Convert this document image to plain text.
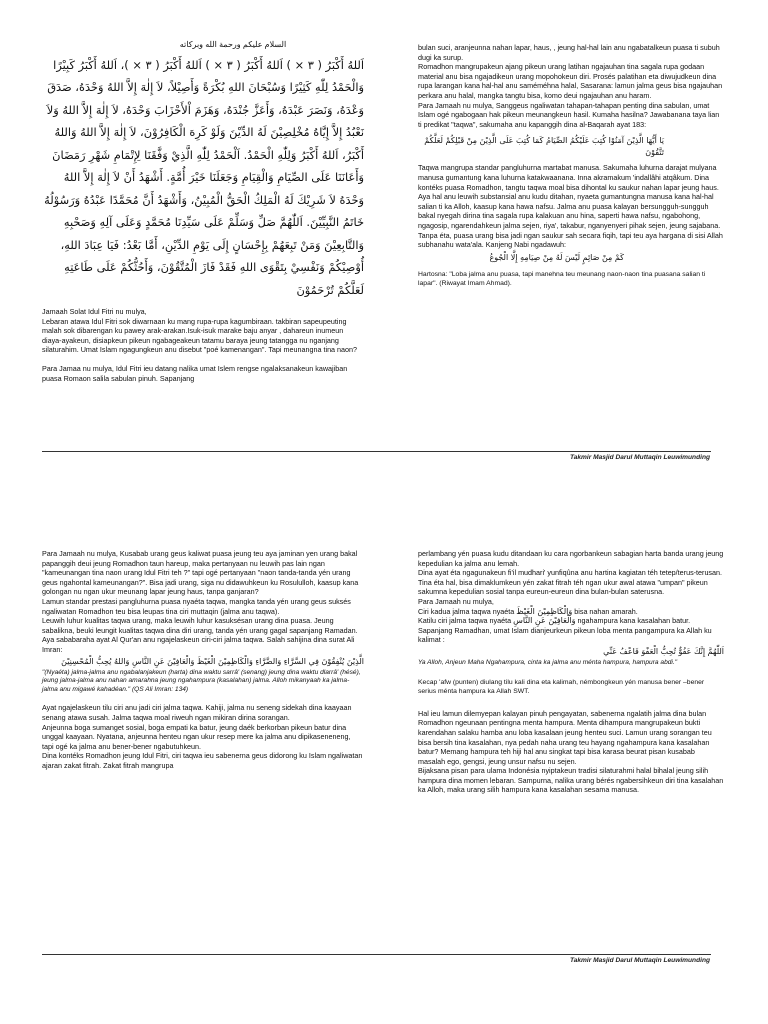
السلام عليكم ورحمة الله وبركاته

اَللهُ أَكْبَرُ ( ٣ × ) اَللهُ أَكْبَرُ ( ٣ × ) اَللهُ أَكْبَرُ ( ٣ × )، اَللهُ أَكْبَرُ كَبِيْرًا وَالْحَمْدُ لِلّٰهِ كَثِيْرًا وَسُبْحَانَ اللهِ بُكْرَةً وَأَصِيْلاً، لاَ إِلٰهَ إِلاَّ اللهُ وَحْدَهُ، صَدَقَ وَعْدَهُ، وَنَصَرَ عَبْدَهُ، وَأَعَزَّ جُنْدَهُ، وَهَزَمَ اْلأَحْزَابَ وَحْدَهُ، لاَ إِلٰهَ إِلاَّ اللهُ وَلاَ نَعْبُدُ إِلاَّ إِيَّاهُ مُخْلِصِيْنَ لَهُ الدِّيْنَ وَلَوْ كَرِهَ الْكَافِرُوْنَ، لاَ إِلٰهَ إِلاَّ اللهُ وَاللهُ أَكْبَرُ، اَللهُ أَكْبَرُ وَلِلّٰهِ الْحَمْدُ. اَلْحَمْدُ لِلّٰهِ الَّذِيْ وَفَّقَنَا لِإِتْمَامِ شَهْرِ رَمَضَانَ وَأَعَانَنَا عَلَى الصِّيَامِ وَالْقِيَامِ وَجَعَلَنَا خَيْرَ أُمَّةٍ. أَشْهَدُ أَنْ لاَ إِلٰهَ إِلاَّ اللهُ وَحْدَهُ لاَ شَرِيْكَ لَهُ الْمَلِكُ الْحَقُّ الْمُبِيْنُ، وَأَشْهَدُ أَنَّ مُحَمَّدًا عَبْدُهُ وَرَسُوْلُهُ خَاتَمُ النَّبِيِّيْنَ. اَللّٰهُمَّ صَلِّ وَسَلِّمْ عَلَى سَيِّدِنَا مُحَمَّدٍ وَعَلَى آلِهِ وَصَحْبِهِ وَالتَّابِعِيْنَ وَمَنْ تَبِعَهُمْ بِإِحْسَانٍ إِلَى يَوْمِ الدِّيْنِ، أَمَّا بَعْدُ: فَيَا عِبَادَ اللهِ، أُوْصِيْكُمْ وَنَفْسِيْ بِتَقْوَى اللهِ فَقَدْ فَازَ الْمُتَّقُوْنَ، وَأَحُثُّكُمْ عَلَى طَاعَتِهِ لَعَلَّكُمْ تُرْحَمُوْنَ

Jamaah Solat Idul Fitri nu mulya,

Lebaran atawa Idul Fitri sok diwarnaan ku mang rupa-rupa kagumbiraan. takbiran sapeupeuting malah sok dibarengan ku pawey arak-arakan.Isuk-isuk marake baju anyar , dahareun inumeun diaya-ayakeun, disiapkeun pikeun ngabageakeun tatamu baraya jeung tatangga nu nganjang silaturahim. Umat Islam ngagungkeun anu disebut "poé kamenangan". Tapi meunangna tina naon?

Para Jamaa nu mulya, Idul Fitri ieu datang nalika umat Islem rengse ngalaksanakeun kawajiban puasa Romaon salila sabulan pinuh. Sapanjang

bulan suci, aranjeunna nahan lapar, haus, , jeung hal-hal lain anu ngabatalkeun puasa ti subuh dugi ka surup.

Romadhon mangrupakeun ajang pikeun urang latihan ngajauhan tina sagala rupa godaan material anu bisa ngajadikeun urang mopohokeun diri. Prosés palatihan eta diwujudkeun dina rupa larangan kana hal-hal anu saméméhna halal, Sasarana: lamun jalma geus bisa ngajauhan perkara anu halal, mangka tangtu bisa, komo deui ngajauhan anu haram.

Para Jamaah nu mulya, Sanggeus ngaliwatan tahapan-tahapan penting dina sabulan, umat Islam ogé ngabogaan hak pikeun meunangkeun hasil. Kumaha hasilna? Jawabanana taya lian ti predikat "taqwa", sakumaha anu kapanggih dina al-Baqarah ayat 183:

يَا أَيُّهَا الَّذِيْنَ آمَنُوْا كُتِبَ عَلَيْكُمُ الصِّيَامُ كَمَا كُتِبَ عَلَى الَّذِيْنَ مِنْ قَبْلِكُمْ لَعَلَّكُمْ تَتَّقُوْنَ

Taqwa mangrupa standar pangluhurna martabat manusa. Sakumaha luhurna darajat mulyana manusa gumantung kana luhurna katakwaanana. Inna akramakum 'indallâhi atqâkum. Dina kontéks puasa Romadhon, tangtu taqwa moal bisa dihontal ku saukur nahan lapar jeung haus. Aya hal anu leuwih substansial anu kudu ditahan, nyaeta gumantungna manusa kana hal-hal salian ti ka Alloh, kaasup kana hawa nafsu. Jalma anu puasa kalayan bersungguh-sungguh bakal nyegah dirina tina sagala rupa kalakuan anu hina, saperti hawa nafsu, ngabohong, ngagosip, ngarendahkeun jalma sejen, riya', takabur, nganyenyeri pihak sejen, jeung sajabana.

Tanpa éta, puasa urang bisa jadi ngan saukur sah secara fiqih, tapi teu aya hargana di sisi Allah subhanahu wata'ala. Kanjeng Nabi ngadawuh:

كَمْ مِنْ صَائِمٍ لَيْسَ لَهُ مِنْ صِيَامِهِ إِلَّا الْجُوعُ

Hartosna: "Loba jalma anu puasa, tapi manehna teu meunang naon-naon tina puasana salian ti lapar". (Riwayat Imam Ahmad).

Takmir Masjid Darul Muttaqin Leuwimunding

Para Jamaah nu mulya, Kusabab urang geus kaliwat puasa jeung teu aya jaminan yen urang bakal papanggih deui jeung Romadhon taun hareup, maka pertanyaan nu leuwih pas lain ngan "kameunangan tina naon urang Idul Fitri teh ?" tapi ogé pertanyaan "naon tanda-tanda yén urang geus ngahontal kameunangan?". Bisa jadi urang, siga nu didawuhkeun ku Rosululloh, kaasup kana golongan nu ngan ukur meunang lapar jeung haus, tanpa ganjaran?

Lamun standar prestasi pangluhurna puasa nyaéta taqwa, mangka tanda yén urang geus suksés ngaliwatan Romadhon teu bisa leupas tina ciri muttaqin (jalma anu taqwa).

Leuwih luhur kualitas taqwa urang, maka leuwih luhur kasuksésan urang dina puasa. Jeung sabalikna, beuki leungit kualitas taqwa dina diri urang, tanda yén urang gagal sapanjang Ramadan.

Aya sababaraha ayat Al Qur'an anu ngajelaskeun ciri-ciri jalma taqwa. Salah sahijina dina surat Ali Imran:

الَّذِيْنَ يُنْفِقُوْنَ فِي السَّرَّاءِ وَالضَّرَّاءِ وَالْكَاظِمِيْنَ الْغَيْظَ وَالْعَافِيْنَ عَنِ النَّاسِ وَاللهُ يُحِبُّ الْمُحْسِنِيْنَ

"(Nyaéta) jalma-jalma anu ngabalanjakeun (harta) dina waktu sarrâ' (senang) jeung dina waktu dlarrâ' (hésé), jeung jalma-jalma anu nahan amarahna jeung ngahampura (kasalahan) jalma. Alloh mikanyaah ka jalma-jalma anu migawé kahadéan." (QS Ali Imran: 134)

Ayat ngajelaskeun tilu ciri anu jadi ciri jalma taqwa. Kahiji, jalma nu seneng sidekah dina kaayaan senang atawa susah. Jalma taqwa moal riweuh ngan mikiran dirina sorangan.

Anjeunna boga sumanget sosial, boga empati ka batur, jeung daék berkorban pikeun batur dina unggal kaayaan. Nyatana, anjeunna henteu ngan ukur resep mere ka jalma anu dipikaseneneng, tapi ogé ka jalma anu bener-bener ngabutuhkeun.

Dina kontéks Romadhon jeung Idul Fitri, ciri taqwa ieu sabenerna geus didorong ku Islam ngaliwatan ajaran zakat fitrah. Zakat fitrah mangrupa

perlambang yén puasa kudu ditandaan ku cara ngorbankeun sabagian harta banda urang jeung kepedulian ka jalma anu lemah.

Dina ayat éta ngagunakeun fi'il mudhari' yunfiqûna anu hartina kagiatan téh tetep/terus-terusan. Tina éta hal, bisa dimaklumkeun yén zakat fitrah téh ngan ukur awal atawa "umpan" pikeun sakumna kepedulian sosial tanpa eureun-eureun dina bulan-bulan saterusna.

Para Jamaah nu mulya,

Ciri kadua jalma taqwa nyaéta وَالْكَاظِمِيْنَ الْغَيْظَ bisa nahan amarah.

Katilu ciri jalma taqwa nyaéta وَالْعَافِيْنَ عَنِ النَّاسِ ngahampura kana kasalahan batur. Sapanjang Ramadhan, umat Islam dianjeurkeun pikeun loba menta pangampura ka Allah ku kalimat :

اَللّٰهُمَّ إِنَّكَ عَفُوٌّ تُحِبُّ الْعَفْوَ فَاعْفُ عَنِّي

Ya Alloh, Anjeun Maha Ngahampura, cinta ka jalma anu ménta hampura, hampura abdi."

Kecap 'afw (punten) diulang tilu kali dina eta kalimah, némbongkeun yén manusa bener –bener serius ménta hampura ka Allah SWT.

Hal ieu lamun dilemyepan kalayan pinuh pengayatan, sabenerna ngalatih jalma dina bulan Romadhon ngeunaan pentingna menta hampura. Menta dihampura mangrupakeun bukti karendahan salaku hamba anu loba kasalaan jeung henteu suci. Lamun urang sorangan teu bisa bersih tina kasalahan, nya pedah naha urang teu hayang ngahampura kana kasalahan batur? Memang hampura teh hiji hal anu singkat tapi bisa karasa beurat pisan kusabab masalah ego, gengsi, jeung unsur nafsu nu sejen.

Bijaksana pisan para ulama Indonésia nyiptakeun tradisi silaturahmi halal bihalal jeung silih hampura dina momen lebaran. Sampurna, nalika urang bérés ngabersihkeun diri tina kasalahan ka Alloh, maka urang silih hampura kana kasalahan sesama manusa.

Takmir Masjid Darul Muttaqin Leuwimunding
